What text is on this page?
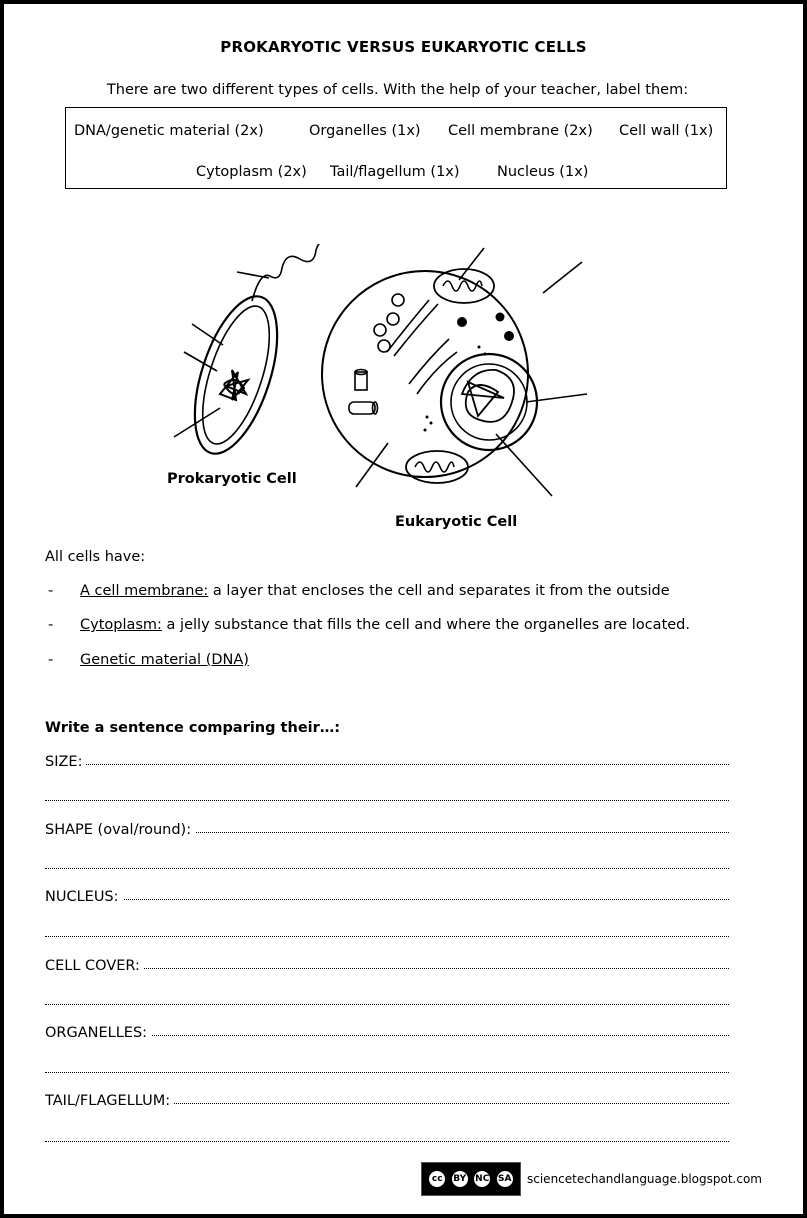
PROKARYOTIC VERSUS EUKARYOTIC CELLS
There are two different types of cells. With the help of your teacher, label them:
DNA/genetic material (2x)	Organelles (1x) Cell membrane (2x) Cell wall (1x)
Cytoplasm (2x) Tail/flagellum (1x)	Nucleus (1x)
Prokaryotic Cell
Eukaryotic Cell
All cells have:
- A cell membrane: a layer that encloses the cell and separates it from the outside
- Cytoplasm: a jelly substance that fills the cell and where the organelles are located.
- Genetic material (DNA)
Write a sentence comparing their…:
SIZE:
SHAPE (oval/round):
NUCLEUS:
CELL COVER:
ORGANELLES:
TAIL/FLAGELLUM:
cc	BY NC SA sciencetechandlanguage.blogspot.com
